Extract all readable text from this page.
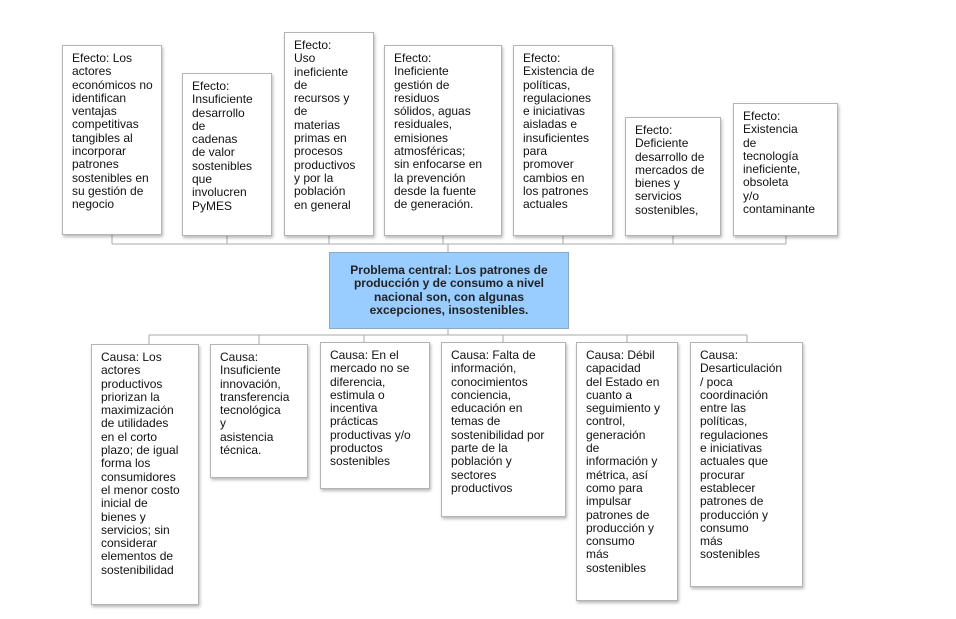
Efecto: Los
actores
económicos no
identifican
ventajas
competitivas
tangibles al
incorporar
patrones
sostenibles en
su gestión de
negocio
Efecto:
Insuficiente
desarrollo
de
cadenas
de valor
sostenibles
que
involucren
PyMES
Efecto:
Uso
ineficiente
de
recursos y
de
materias
primas en
procesos
productivos
y por la
población
en general
Efecto:
Ineficiente
gestión de
residuos
sólidos, aguas
residuales,
emisiones
atmosféricas;
sin enfocarse en
la prevención
desde la fuente
de generación.
Efecto:
Existencia de
políticas,
regulaciones
e iniciativas
aisladas e
insuficientes
para
promover
cambios en
los patrones
actuales
Efecto:
Deficiente
desarrollo de
mercados de
bienes y
servicios
sostenibles,
Efecto:
Existencia
de
tecnología
ineficiente,
obsoleta
y/o
contaminante
Problema central: Los patrones de
producción y de consumo a nivel
nacional son, con algunas
excepciones, insostenibles.
Causa: Los
actores
productivos
priorizan la
maximización
de utilidades
en el corto
plazo; de igual
forma los
consumidores
el menor costo
inicial de
bienes y
servicios; sin
considerar
elementos de
sostenibilidad
Causa:
Insuficiente
innovación,
transferencia
tecnológica
y
asistencia
técnica.
Causa: En el
mercado no se
diferencia,
estimula o
incentiva
prácticas
productivas y/o
productos
sostenibles
Causa: Falta de
información,
conocimientos
conciencia,
educación en
temas de
sostenibilidad por
parte de la
población y
sectores
productivos
Causa: Débil
capacidad
del Estado en
cuanto a
seguimiento y
control,
generación
de
información y
métrica, así
como para
impulsar
patrones de
producción y
consumo
más
sostenibles
Causa:
Desarticulación
/ poca
coordinación
entre las
políticas,
regulaciones
e iniciativas
actuales que
procurar
establecer
patrones de
producción y
consumo
más
sostenibles
